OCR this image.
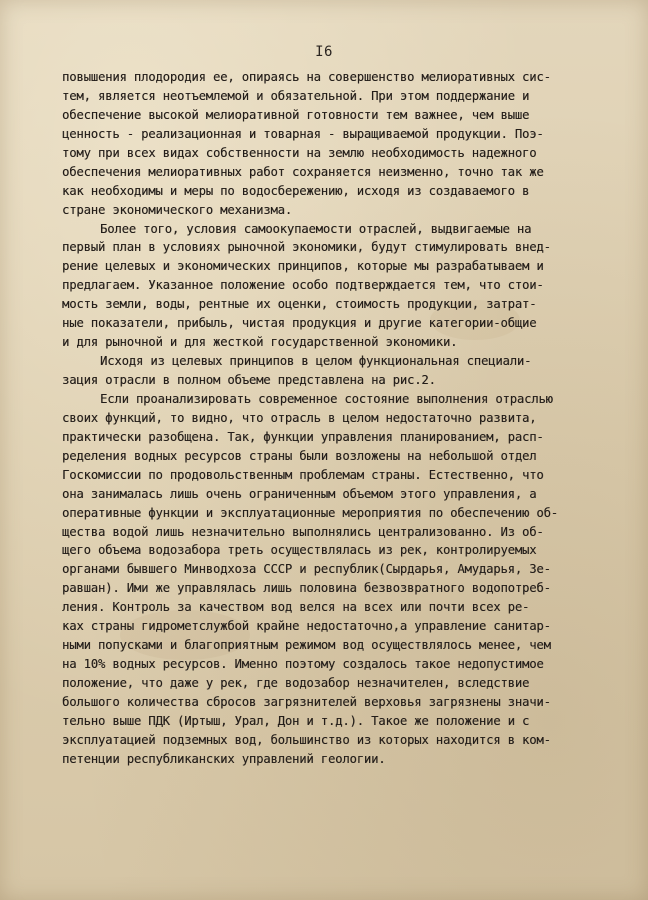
I6
повышения плодородия ее, опираясь на совершенство мелиоративных сис-
тем, является неотъемлемой и обязательной. При этом поддержание и
обеспечение высокой мелиоративной готовности тем важнее, чем выше
ценность - реализационная и товарная - выращиваемой продукции. Поэ-
тому при всех видах собственности на землю необходимость надежного
обеспечения мелиоративных работ сохраняется неизменно, точно так же
как необходимы и меры по водосбережению, исходя из создаваемого в
стране экономического механизма.
Более того, условия самоокупаемости отраслей, выдвигаемые на
первый план в условиях рыночной экономики, будут стимулировать внед-
рение целевых и экономических принципов, которые мы разрабатываем и
предлагаем. Указанное положение особо подтверждается тем, что стои-
мость земли, воды, рентные их оценки, стоимость продукции, затрат-
ные показатели, прибыль, чистая продукция и другие категории-общие
и для рыночной и для жесткой государственной экономики.
Исходя из целевых принципов в целом функциональная специали-
зация отрасли в полном объеме представлена на рис.2.
Если проанализировать современное состояние выполнения отраслью
своих функций, то видно, что отрасль в целом недостаточно развита,
практически разобщена. Так, функции управления планированием, расп-
ределения водных ресурсов страны были возложены на небольшой отдел
Госкомиссии по продовольственным проблемам страны. Естественно, что
она занималась лишь очень ограниченным объемом этого управления, а
оперативные функции и эксплуатационные мероприятия по обеспечению об-
щества водой лишь незначительно выполнялись централизованно. Из об-
щего объема водозабора треть осуществлялась из рек, контролируемых
органами бывшего Минводхоза СССР и республик(Сырдарья, Амударья, Зе-
равшан). Ими же управлялась лишь половина безвозвратного водопотреб-
ления. Контроль за качеством вод велся на всех или почти всех ре-
ках страны гидрометслужбой крайне недостаточно,а управление санитар-
ными попусками и благоприятным режимом вод осуществлялось менее, чем
на 10% водных ресурсов. Именно поэтому создалось такое недопустимое
положение, что даже у рек, где водозабор незначителен, вследствие
большого количества сбросов загрязнителей верховья загрязнены значи-
тельно выше ПДК (Иртыш, Урал, Дон и т.д.). Такое же положение и с
эксплуатацией подземных вод, большинство из которых находится в ком-
петенции республиканских управлений геологии.
